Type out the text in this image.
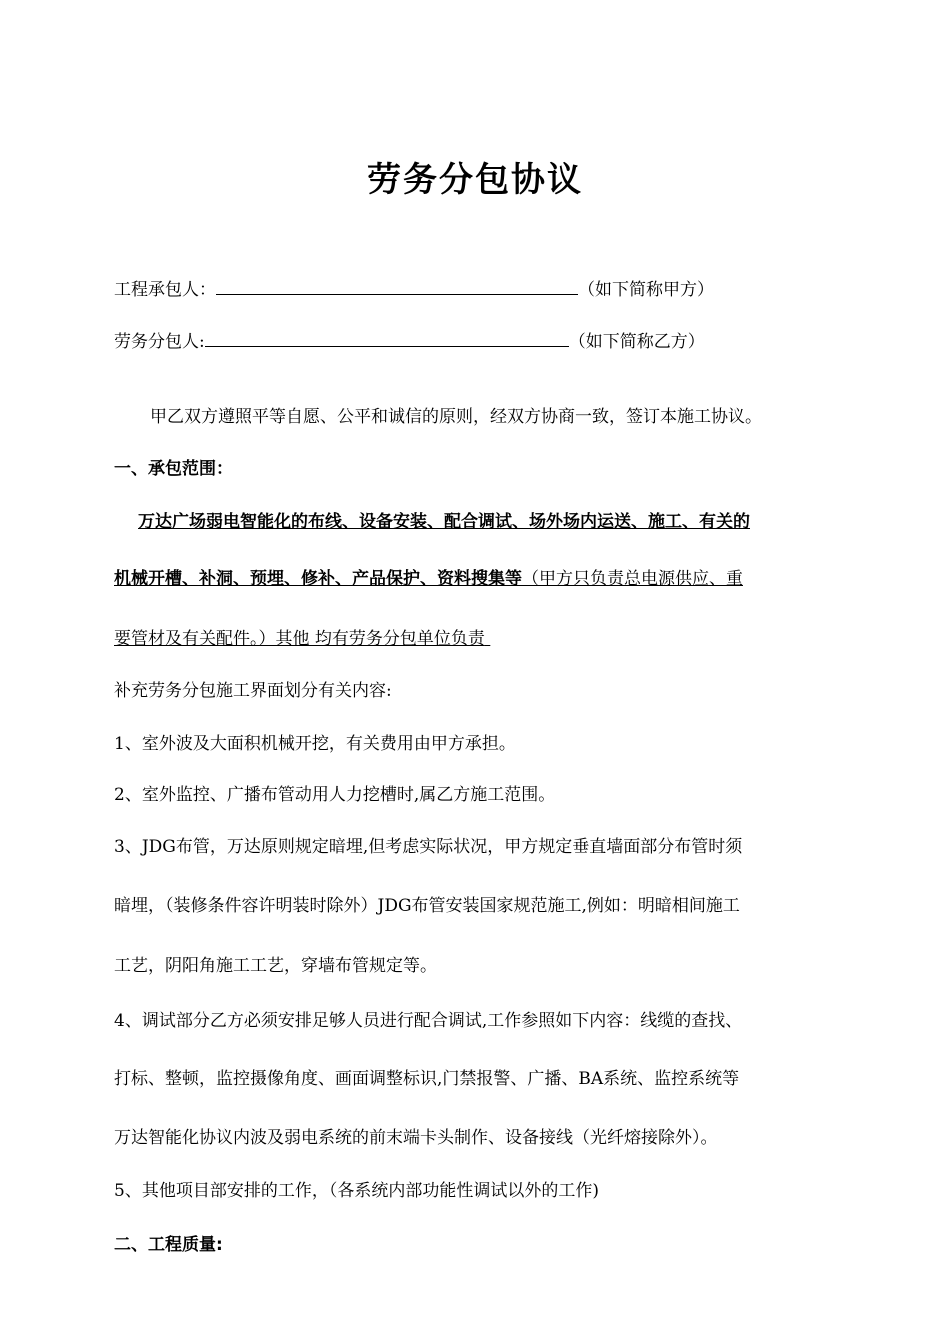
劳务分包协议
工程承包人：	（如下简称甲方）
劳务分包人:	（如下简称乙方）
甲乙双方遵照平等自愿、公平和诚信的原则，经双方协商一致，签订本施工协议。
一、承包范围：
万达广场弱电智能化的布线、设备安装、配合调试、场外场内运送、施工、有关的
机械开槽、补洞、预埋、修补、产品保护、资料搜集等（甲方只负责总电源供应、重
要管材及有关配件。）其他 均有劳务分包单位负责
补充劳务分包施工界面划分有关内容:
1、室外波及大面积机械开挖，有关费用由甲方承担。
2、室外监控、广播布管动用人力挖槽时,属乙方施工范围。
3、JDG布管，万达原则规定暗埋,但考虑实际状况，甲方规定垂直墙面部分布管时须
暗埋，（装修条件容许明装时除外）JDG布管安装国家规范施工,例如：明暗相间施工
工艺，阴阳角施工工艺，穿墙布管规定等。
4、调试部分乙方必须安排足够人员进行配合调试,工作参照如下内容：线缆的查找、
打标、整顿，监控摄像角度、画面调整标识,门禁报警、广播、BA系统、监控系统等
万达智能化协议内波及弱电系统的前末端卡头制作、设备接线（光纤熔接除外）。
5、其他项目部安排的工作，（各系统内部功能性调试以外的工作)
二、工程质量:
